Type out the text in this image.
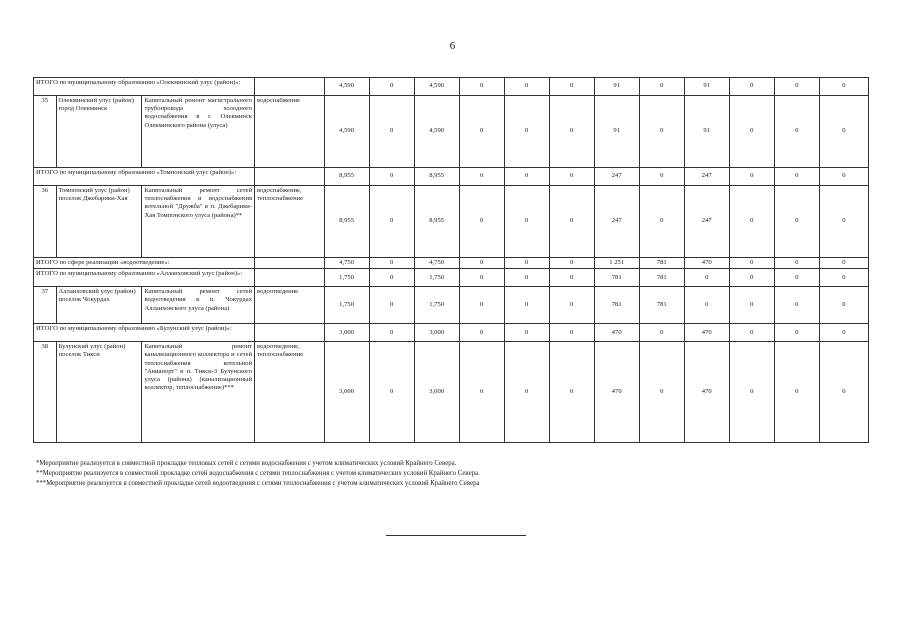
6
ИТОГО по муниципальному образованию «Олекминский улус (район)»:				4,590	0	4,590	0	0	0	91	0	91	0	0	0
35	Олекминский улус (район) город Олекминск	Капитальный ремонт магистрального трубопровода холодного водоснабжения в г. Олекминск Олекминского района (улуса)	водоснабжение	4,590	0	4,590	0	0	0	91	0	91	0	0	0
ИТОГО по муниципальному образованию «Томпонский улус (район)»:				8,955	0	8,955	0	0	0	247	0	247	0	0	0
36	Томпонский улус (район) поселок Джебарики-Хая	Капитальный ремонт сетей теплоснабжения и водоснабжения котельной "Дружба" в п. Джебарики-Хая Томпонского улуса (района)**	водоснабжение, теплоснабжение	8,955	0	8,955	0	0	0	247	0	247	0	0	0
ИТОГО по сфере реализации «водоотведение»:				4,750	0	4,750	0	0	0	1 251	781	470	0	0	0
ИТОГО по муниципальному образованию «Аллаиховский улус (район)»:				1,750	0	1,750	0	0	0	781	781	0	0	0	0
37	Аллаиховский улус (район) поселок Чокурдах	Капитальный ремонт сетей водоотведения в п. Чокурдах Аллаиховского улуса (района)	водоотведение	1,750	0	1,750	0	0	0	781	781	0	0	0	0
ИТОГО по муниципальному образованию «Булунский улус (район)»:				3,000	0	3,000	0	0	0	470	0	470	0	0	0
38	Булунский улус (район) поселок Тикси	Капитальный ремонт канализационного коллектора и сетей теплоснабжения котельной "Авиапорт" в п. Тикси-3 Булунского улуса (района) (канализационный коллектор, теплоснабжение)***	водоотведение, теплоснабжение	3,000	0	3,000	0	0	0	470	0	470	0	0	0
*Мероприятие реализуется в совместной прокладке тепловых сетей с сетями водоснабжения с учетом климатических условий Крайнего Севера.
**Мероприятие реализуется в совместной прокладке сетей водоснабжения с сетями теплоснабжения с учетом климатических условий Крайнего Севера.
***Мероприятие реализуется в совместной прокладке сетей водоотведения с сетями теплоснабжения с учетом климатических условий Крайнего Севера
